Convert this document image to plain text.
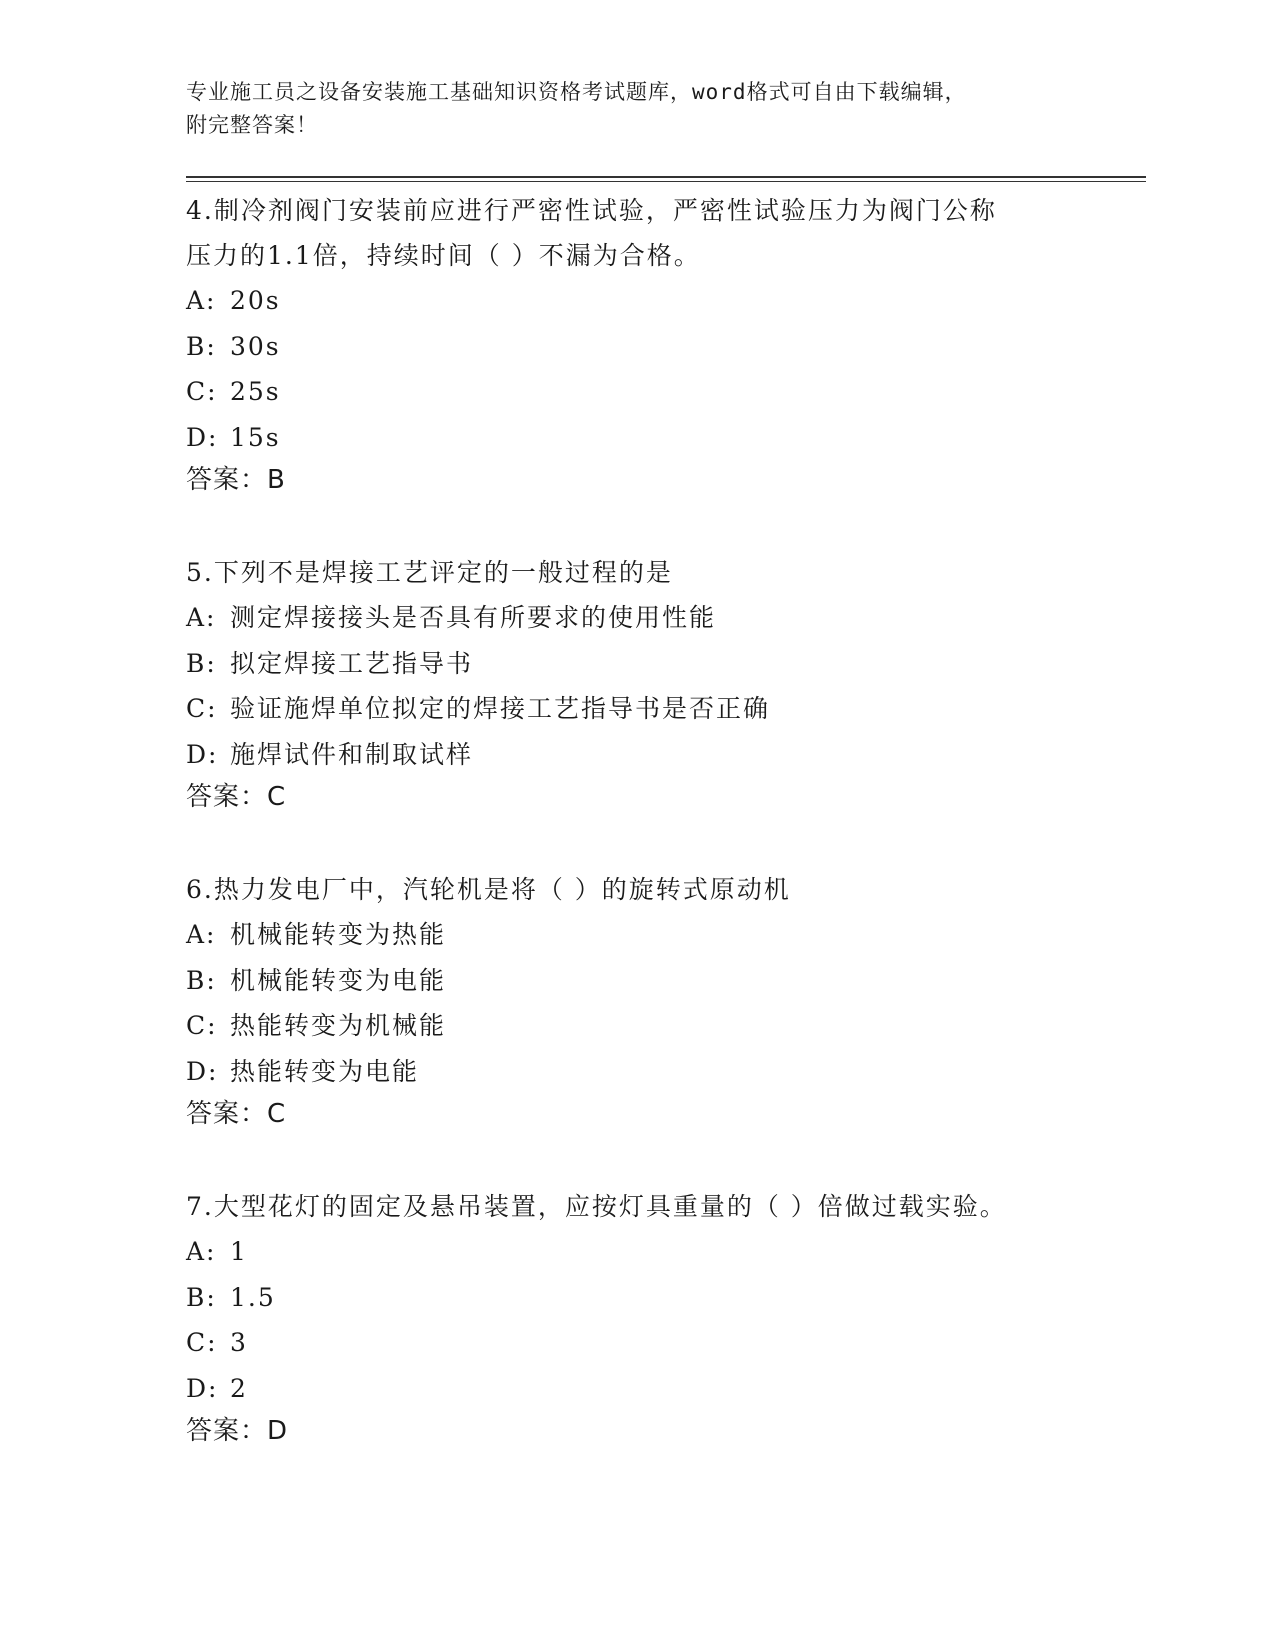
专业施工员之设备安装施工基础知识资格考试题库，word格式可自由下载编辑，
附完整答案！
4.制冷剂阀门安装前应进行严密性试验，严密性试验压力为阀门公称
压力的1.1倍，持续时间（ ）不漏为合格。
A: 20s
B: 30s
C: 25s
D: 15s
答案：B
5.下列不是焊接工艺评定的一般过程的是
A: 测定焊接接头是否具有所要求的使用性能
B: 拟定焊接工艺指导书
C: 验证施焊单位拟定的焊接工艺指导书是否正确
D: 施焊试件和制取试样
答案：C
6.热力发电厂中，汽轮机是将（ ）的旋转式原动机
A: 机械能转变为热能
B: 机械能转变为电能
C: 热能转变为机械能
D: 热能转变为电能
答案：C
7.大型花灯的固定及悬吊装置，应按灯具重量的（ ）倍做过载实验。
A: 1
B: 1.5
C: 3
D: 2
答案：D
